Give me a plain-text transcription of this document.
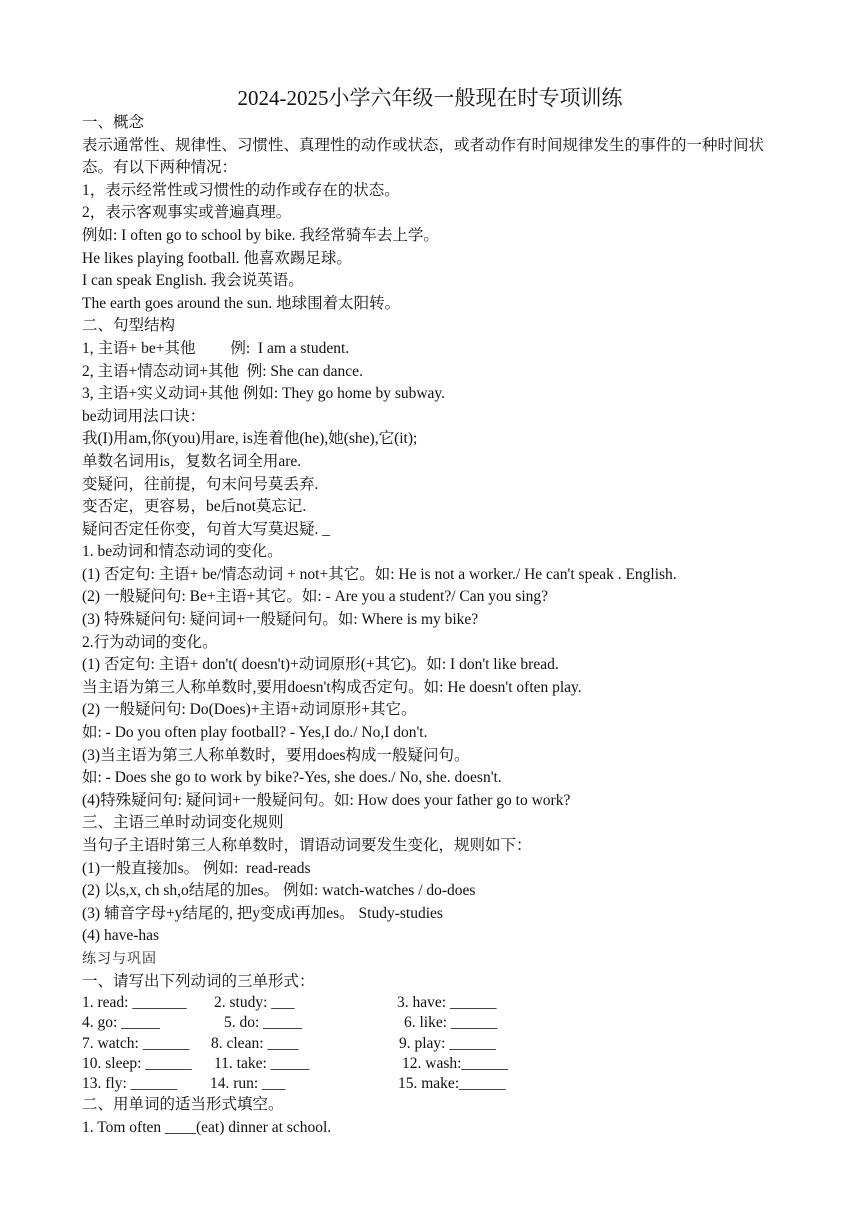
2024-2025小学六年级一般现在时专项训练
一、概念
表示通常性、规律性、习惯性、真理性的动作或状态，或者动作有时间规律发生的事件的一种时间状态。有以下两种情况：
1，表示经常性或习惯性的动作或存在的状态。
2，表示客观事实或普遍真理。
例如: I often go to school by bike. 我经常骑车去上学。
He likes playing football. 他喜欢踢足球。
I can speak English. 我会说英语。
The earth goes around the sun. 地球围着太阳转。
二、句型结构
1, 主语+ be+其他         例:  I am a student.
2, 主语+情态动词+其他  例: She can dance.
3, 主语+实义动词+其他 例如: They go home by subway.
be动词用法口诀：
我(I)用am,你(you)用are, is连着他(he),她(she),它(it);
单数名词用is，复数名词全用are.
变疑问，往前提，句末问号莫丢弃.
变否定，更容易，be后not莫忘记.
疑问否定任你变，句首大写莫迟疑. _
1. be动词和情态动词的变化。
(1) 否定句: 主语+ be/情态动词 + not+其它。如: He is not a worker./ He can't speak . English.
(2) 一般疑问句: Be+主语+其它。如: - Are you a student?/ Can you sing?
(3) 特殊疑问句: 疑问词+一般疑问句。如: Where is my bike?
2.行为动词的变化。
(1) 否定句: 主语+ don't( doesn't)+动词原形(+其它)。如: I don't like bread.
当主语为第三人称单数时,要用doesn't构成否定句。如: He doesn't often play.
(2) 一般疑问句: Do(Does)+主语+动词原形+其它。
如: - Do you often play football? - Yes,I do./ No,I don't.
(3)当主语为第三人称单数时，要用does构成一般疑问句。
如: - Does she go to work by bike?-Yes, she does./ No, she. doesn't.
(4)特殊疑问句: 疑问词+一般疑问句。如: How does your father go to work?
三、主语三单时动词变化规则
当句子主语时第三人称单数时，谓语动词要发生变化，规则如下：
(1)一般直接加s。 例如:  read-reads
(2) 以s,x, ch sh,o结尾的加es。 例如: watch-watches / do-does
(3) 辅音字母+y结尾的, 把y变成i再加es。 Study-studies
(4) have-has
练习与巩固
一、请写出下列动词的三单形式：
1. read: _______ 2. study: ___	3. have: ______
4. go: _____	5. do: _____	6. like: ______
7. watch: ______ 8. clean: ____	9. play: ______
10. sleep: ______ 11. take: _____	12. wash:______
13. fly: ______ 14. run: ___	15. make:______
二、用单词的适当形式填空。
1. Tom often ____(eat) dinner at school.
